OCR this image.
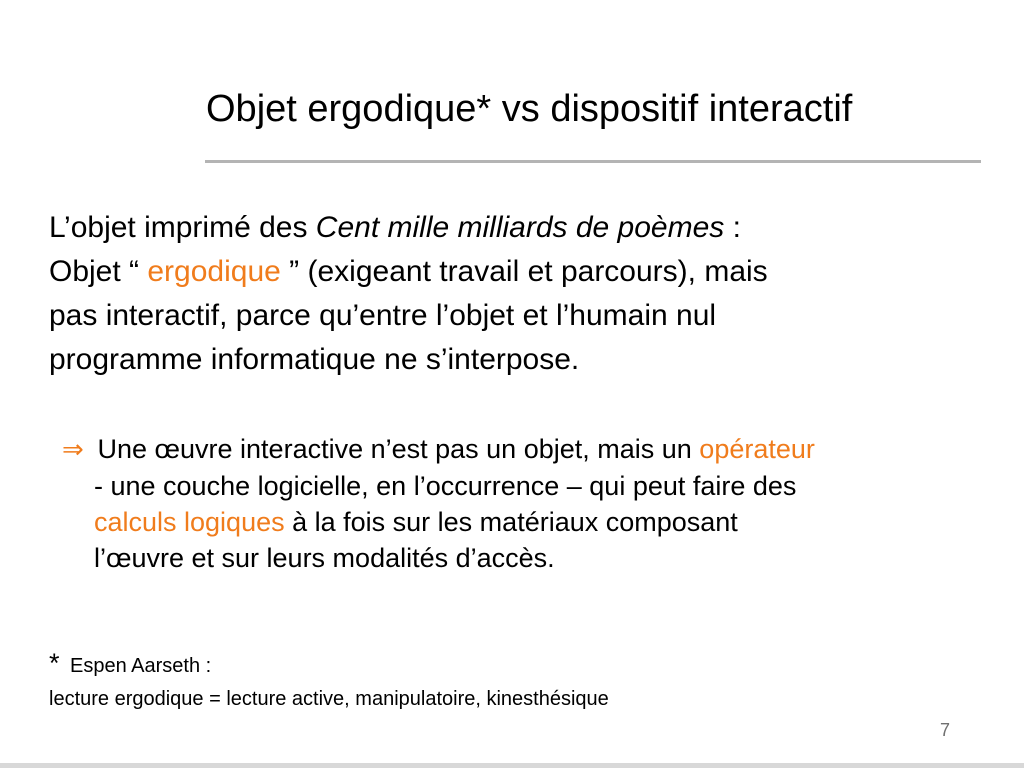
Objet ergodique* vs dispositif interactif
L’objet imprimé des Cent mille milliards de poèmes :
Objet “ ergodique ” (exigeant travail et parcours), mais
pas interactif, parce qu’entre l’objet et l’humain nul
programme informatique ne s’interpose.
⇒ Une œuvre interactive n’est pas un objet, mais un opérateur
- une couche logicielle, en l’occurrence – qui peut faire des
calculs logiques à la fois sur les matériaux composant
l’œuvre et sur leurs modalités d’accès.
* Espen Aarseth :
lecture ergodique = lecture active, manipulatoire, kinesthésique
7
